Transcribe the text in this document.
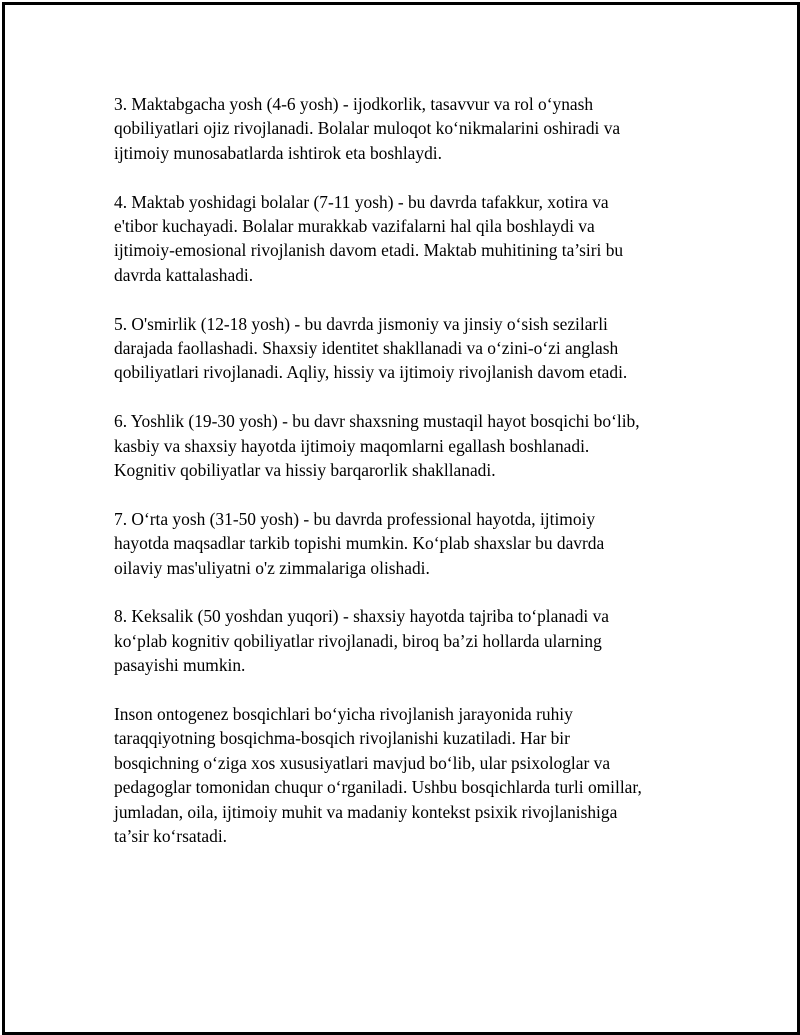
3. Maktabgacha yosh (4-6 yosh) - ijodkorlik, tasavvur va rol o‘ynash
qobiliyatlari ojiz rivojlanadi. Bolalar muloqot ko‘nikmalarini oshiradi va
ijtimoiy munosabatlarda ishtirok eta boshlaydi.

4. Maktab yoshidagi bolalar (7-11 yosh) - bu davrda tafakkur, xotira va
e'tibor kuchayadi. Bolalar murakkab vazifalarni hal qila boshlaydi va
ijtimoiy-emosional rivojlanish davom etadi. Maktab muhitining ta’siri bu
davrda kattalashadi.

5. O'smirlik (12-18 yosh) - bu davrda jismoniy va jinsiy o‘sish sezilarli
darajada faollashadi. Shaxsiy identitet shakllanadi va o‘zini-o‘zi anglash
qobiliyatlari rivojlanadi. Aqliy, hissiy va ijtimoiy rivojlanish davom etadi.

6. Yoshlik (19-30 yosh) - bu davr shaxsning mustaqil hayot bosqichi bo‘lib,
kasbiy va shaxsiy hayotda ijtimoiy maqomlarni egallash boshlanadi.
Kognitiv qobiliyatlar va hissiy barqarorlik shakllanadi.

7. O‘rta yosh (31-50 yosh) - bu davrda professional hayotda, ijtimoiy
hayotda maqsadlar tarkib topishi mumkin. Ko‘plab shaxslar bu davrda
oilaviy mas'uliyatni o'z zimmalariga olishadi.

8. Keksalik (50 yoshdan yuqori) - shaxsiy hayotda tajriba to‘planadi va
ko‘plab kognitiv qobiliyatlar rivojlanadi, biroq ba’zi hollarda ularning
pasayishi mumkin.

Inson ontogenez bosqichlari bo‘yicha rivojlanish jarayonida ruhiy
taraqqiyotning bosqichma-bosqich rivojlanishi kuzatiladi. Har bir
bosqichning o‘ziga xos xususiyatlari mavjud bo‘lib, ular psixologlar va
pedagoglar tomonidan chuqur o‘rganiladi. Ushbu bosqichlarda turli omillar,
jumladan, oila, ijtimoiy muhit va madaniy kontekst psixik rivojlanishiga
ta’sir ko‘rsatadi.
